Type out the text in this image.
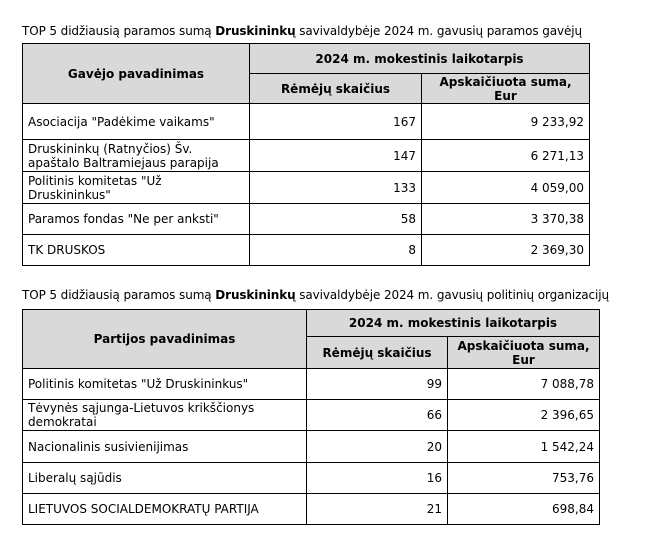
TOP 5 didžiausią paramos sumą Druskininkų savivaldybėje 2024 m. gavusių paramos gavėjų
Gavėjo pavadinimas	2024 m. mokestinis laikotarpis	
	Rėmėjų skaičius	Apskaičiuota suma, Eur
Asociacija "Padėkime vaikams"	167	9 233,92
Druskininkų (Ratnyčios) Šv. apaštalo Baltramiejaus parapija	147	6 271,13
Politinis komitetas "Už Druskininkus"	133	4 059,00
Paramos fondas "Ne per anksti"	58	3 370,38
TK DRUSKOS	8	2 369,30
TOP 5 didžiausią paramos sumą Druskininkų savivaldybėje 2024 m. gavusių politinių organizacijų
Partijos pavadinimas	2024 m. mokestinis laikotarpis	
	Rėmėjų skaičius	Apskaičiuota suma, Eur
Politinis komitetas "Už Druskininkus"	99	7 088,78
Tėvynės sąjunga-Lietuvos krikščionys demokratai	66	2 396,65
Nacionalinis susivienijimas	20	1 542,24
Liberalų sąjūdis	16	753,76
LIETUVOS SOCIALDEMOKRATŲ PARTIJA	21	698,84
